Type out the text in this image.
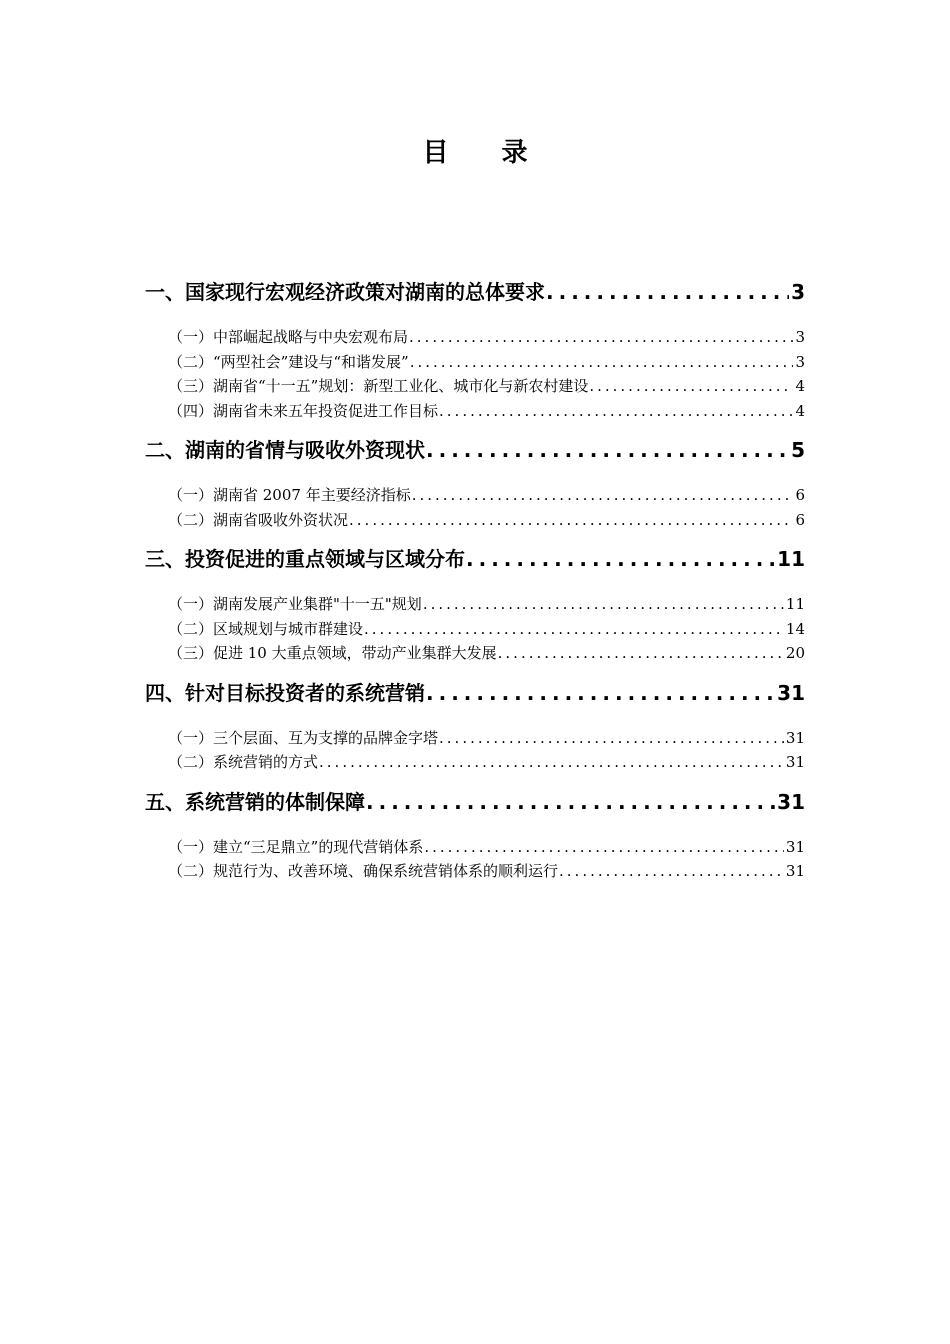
目 录
一、国家现行宏观经济政策对湖南的总体要求 .....	3
（一）中部崛起战略与中央宏观布局 .....	3
（二）“两型社会”建设与“和谐发展” .....	3
（三）湖南省“十一五”规划：新型工业化、城市化与新农村建设 .....	4
（四）湖南省未来五年投资促进工作目标 .....	4
二、湖南的省情与吸收外资现状 .....	5
（一）湖南省 2007 年主要经济指标 .....	6
（二）湖南省吸收外资状况 .....	6
三、投资促进的重点领域与区域分布 .....	11
（一）湖南发展产业集群"十一五"规划 .....	11
（二）区域规划与城市群建设 .....	14
（三）促进 10 大重点领域，带动产业集群大发展 .....	20
四、针对目标投资者的系统营销 .....	31
（一）三个层面、互为支撑的品牌金字塔 .....	31
（二）系统营销的方式 .....	31
五、系统营销的体制保障 .....	31
（一）建立“三足鼎立”的现代营销体系 .....	31
（二）规范行为、改善环境、确保系统营销体系的顺利运行 .....	31
